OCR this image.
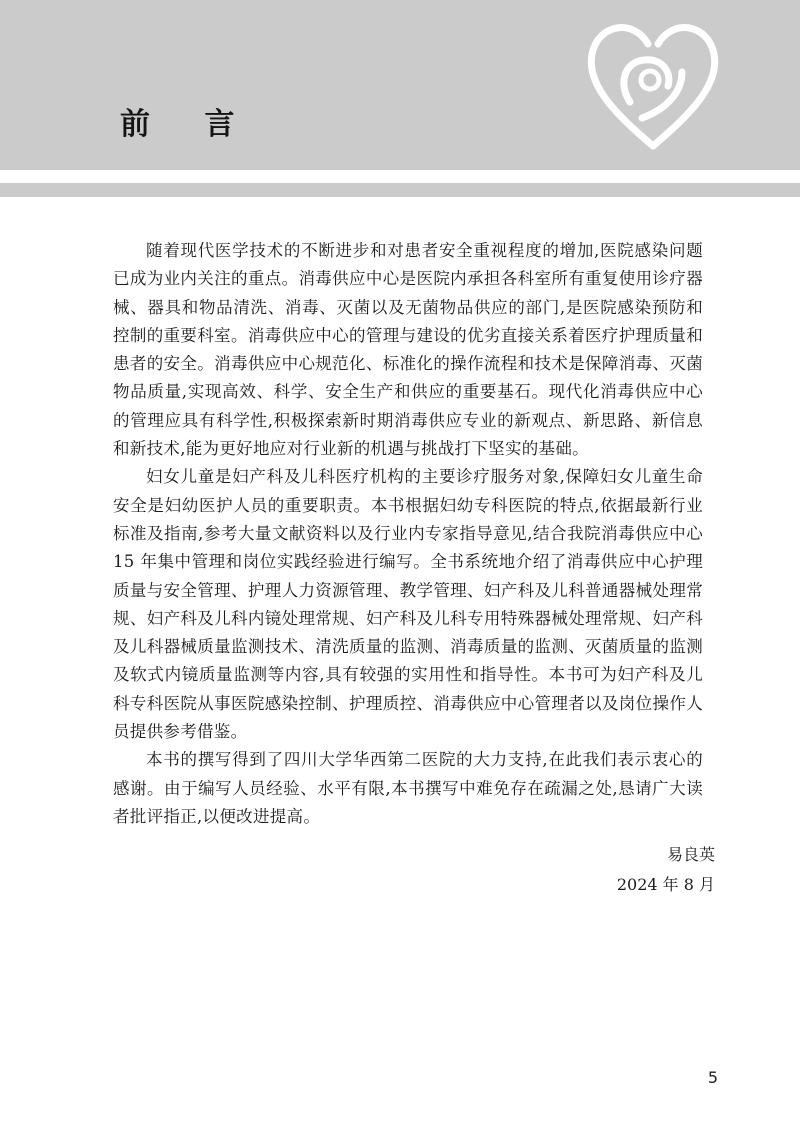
前 言

随着现代医学技术的不断进步和对患者安全重视程度的增加,医院感染问题已成为业内关注的重点。消毒供应中心是医院内承担各科室所有重复使用诊疗器械、器具和物品清洗、消毒、灭菌以及无菌物品供应的部门,是医院感染预防和控制的重要科室。消毒供应中心的管理与建设的优劣直接关系着医疗护理质量和患者的安全。消毒供应中心规范化、标准化的操作流程和技术是保障消毒、灭菌物品质量,实现高效、科学、安全生产和供应的重要基石。现代化消毒供应中心的管理应具有科学性,积极探索新时期消毒供应专业的新观点、新思路、新信息和新技术,能为更好地应对行业新的机遇与挑战打下坚实的基础。

妇女儿童是妇产科及儿科医疗机构的主要诊疗服务对象,保障妇女儿童生命安全是妇幼医护人员的重要职责。本书根据妇幼专科医院的特点,依据最新行业标准及指南,参考大量文献资料以及行业内专家指导意见,结合我院消毒供应中心 15 年集中管理和岗位实践经验进行编写。全书系统地介绍了消毒供应中心护理质量与安全管理、护理人力资源管理、教学管理、妇产科及儿科普通器械处理常规、妇产科及儿科内镜处理常规、妇产科及儿科专用特殊器械处理常规、妇产科及儿科器械质量监测技术、清洗质量的监测、消毒质量的监测、灭菌质量的监测及软式内镜质量监测等内容,具有较强的实用性和指导性。本书可为妇产科及儿科专科医院从事医院感染控制、护理质控、消毒供应中心管理者以及岗位操作人员提供参考借鉴。

本书的撰写得到了四川大学华西第二医院的大力支持,在此我们表示衷心的感谢。由于编写人员经验、水平有限,本书撰写中难免存在疏漏之处,恳请广大读者批评指正,以便改进提高。

易良英
2024 年 8 月
5
